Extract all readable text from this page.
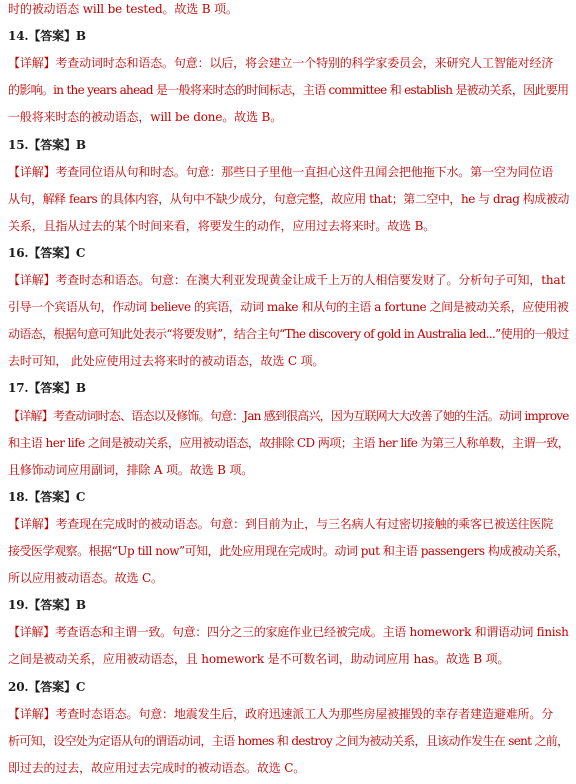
时的被动语态 will be tested。故选 B 项。
14.【答案】B
【详解】考查动词时态和语态。句意：以后，将会建立一个特别的科学家委员会，来研究人工智能对经济
的影响。in the years ahead 是一般将来时态的时间标志，主语 committee 和 establish 是被动关系，因此要用
一般将来时态的被动语态，will be done。故选 B。
15.【答案】B
【详解】考查同位语从句和时态。句意：那些日子里他一直担心这件丑闻会把他拖下水。第一空为同位语
从句，解释 fears 的具体内容，从句中不缺少成分，句意完整，故应用 that；第二空中，he 与 drag 构成被动
关系，且指从过去的某个时间来看，将要发生的动作，应用过去将来时。故选 B。
16.【答案】C
【详解】考查时态和语态。句意：在澳大利亚发现黄金让成千上万的人相信要发财了。分析句子可知，that
引导一个宾语从句，作动词 believe 的宾语，动词 make 和从句的主语 a fortune 之间是被动关系，应使用被
动语态，根据句意可知此处表示“将要发财”，结合主句“The discovery of gold in Australia led...”使用的一般过
去时可知， 此处应使用过去将来时的被动语态，故选 C 项。
17.【答案】B
【详解】考查动词时态、语态以及修饰。句意：Jan 感到很高兴，因为互联网大大改善了她的生活。动词 improve
和主语 her life 之间是被动关系，应用被动语态，故排除 CD 两项；主语 her life 为第三人称单数，主谓一致，
且修饰动词应用副词，排除 A 项。故选 B 项。
18.【答案】C
【详解】考查现在完成时的被动语态。句意：到目前为止，与三名病人有过密切接触的乘客已被送往医院
接受医学观察。根据“Up till now”可知，此处应用现在完成时。动词 put 和主语 passengers 构成被动关系，
所以应用被动语态。故选 C。
19.【答案】B
【详解】考查语态和主谓一致。句意：四分之三的家庭作业已经被完成。主语 homework 和谓语动词 finish
之间是被动关系，应用被动语态，且 homework 是不可数名词，助动词应用 has。故选 B 项。
20.【答案】C
【详解】考查时态语态。句意：地震发生后，政府迅速派工人为那些房屋被摧毁的幸存者建造避难所。分
析可知，设空处为定语从句的谓语动词，主语 homes 和 destroy 之间为被动关系，且该动作发生在 sent 之前，
即过去的过去，故应用过去完成时的被动语态。故选 C。
